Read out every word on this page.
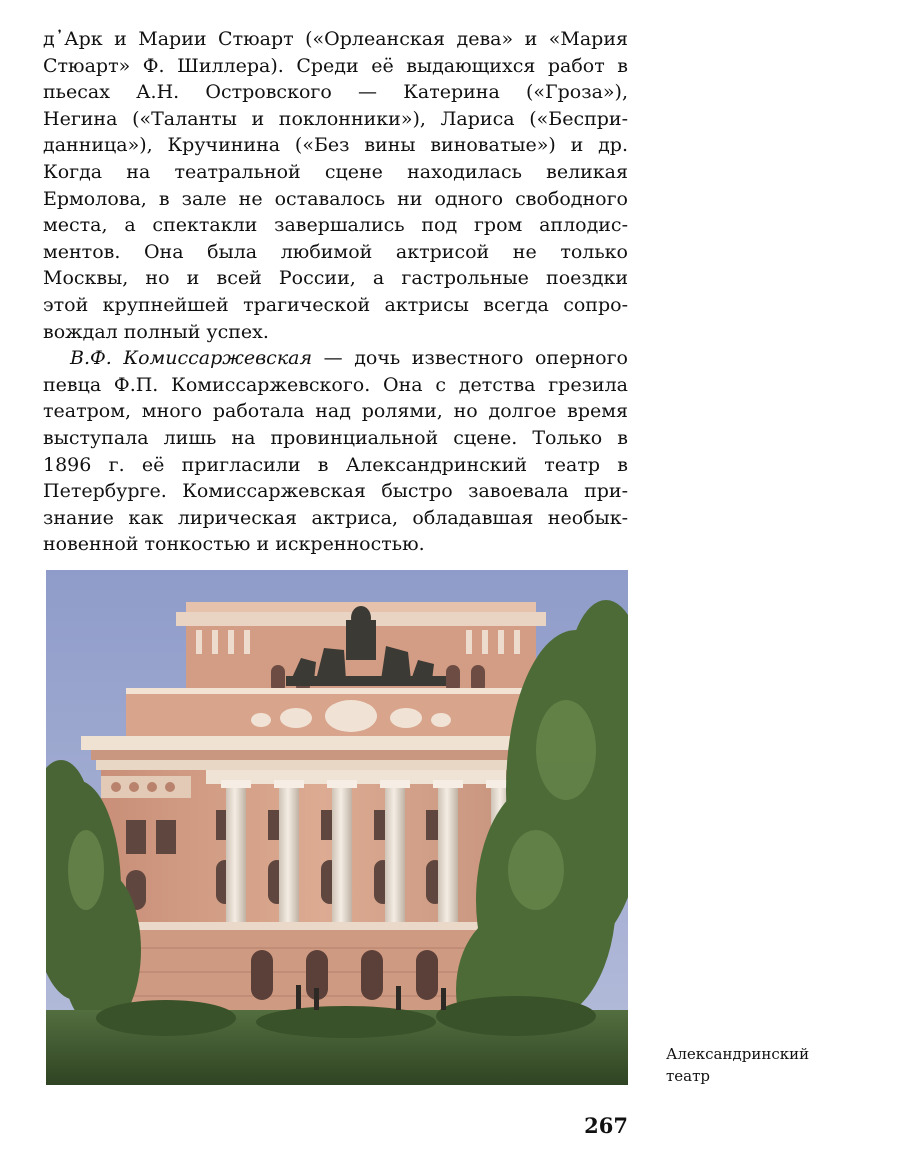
д᾿Арк и Марии Стюарт («Орлеанская дева» и «Мария
Стюарт» Ф. Шиллера). Среди её выдающихся работ в
пьесах А.Н. Островского — Катерина («Гроза»),
Негина («Таланты и поклонники»), Лариса («Беспри-
данница»), Кручинина («Без вины виноватые») и др.
Когда на театральной сцене находилась великая
Ермолова, в зале не оставалось ни одного свободного
места, а спектакли завершались под гром аплодис-
ментов. Она была любимой актрисой не только
Москвы, но и всей России, а гастрольные поездки
этой крупнейшей трагической актрисы всегда сопро-
вождал полный успех.

В.Ф. Комиссаржевская — дочь известного оперного
певца Ф.П. Комиссаржевского. Она с детства грезила
театром, много работала над ролями, но долгое время
выступала лишь на провинциальной сцене. Только в
1896 г. её пригласили в Александринский театр в
Петербурге. Комиссаржевская быстро завоевала при-
знание как лирическая актриса, обладавшая необык-
новенной тонкостью и искренностью.

Александринский
театр
267
